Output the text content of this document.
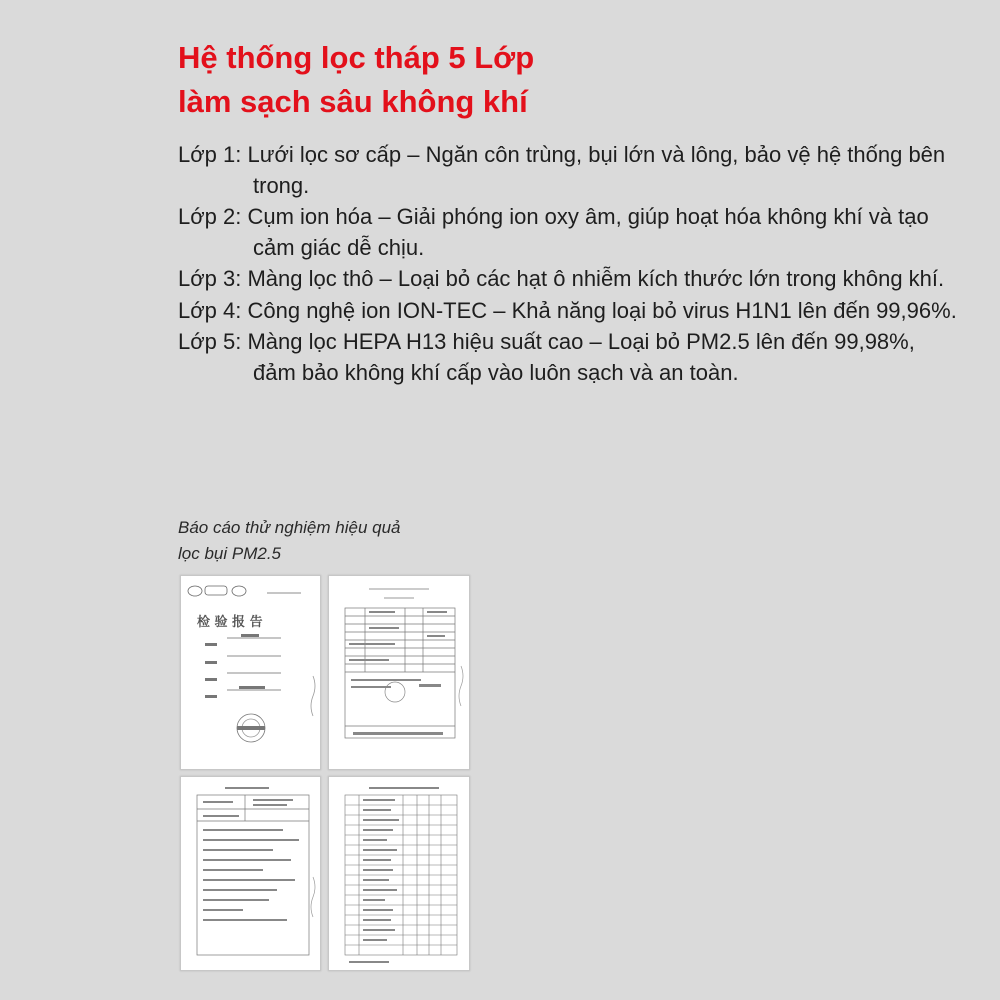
Hệ thống lọc tháp 5 Lớp
làm sạch sâu không khí

Lớp 1: Lưới lọc sơ cấp – Ngăn côn trùng, bụi lớn và lông, bảo vệ hệ thống bên trong.

Lớp 2: Cụm ion hóa – Giải phóng ion oxy âm, giúp hoạt hóa không khí và tạo cảm giác dễ chịu.

Lớp 3: Màng lọc thô – Loại bỏ các hạt ô nhiễm kích thước lớn trong không khí.

Lớp 4: Công nghệ ion ION-TEC – Khả năng loại bỏ virus H1N1 lên đến 99,96%.

Lớp 5: Màng lọc HEPA H13 hiệu suất cao – Loại bỏ PM2.5 lên đến 99,98%, đảm bảo không khí cấp vào luôn sạch và an toàn.

Báo cáo thử nghiệm hiệu quả
lọc bụi PM2.5
检 验 报 告
